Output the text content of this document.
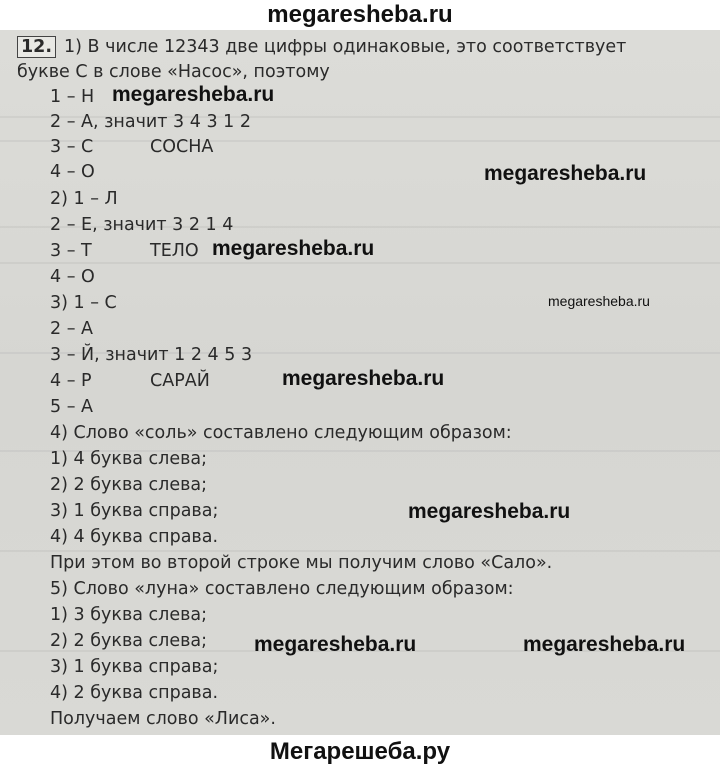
megaresheba.ru
12. 1) В числе 12343 две цифры одинаковые, это соответствует
букве С в слове «Насос», поэтому
1 – Н
2 – А, значит 3 4 3 1 2
3 – С	СОСНА
4 – О
2) 1 – Л
2 – Е, значит 3 2 1 4
3 – Т	ТЕЛО
4 – О
3) 1 – С
2 – А
3 – Й, значит 1 2 4 5 3
4 – Р	САРАЙ
5 – А
4) Слово «соль» составлено следующим образом:
1) 4 буква слева;
2) 2 буква слева;
3) 1 буква справа;
4) 4 буква справа.
При этом во второй строке мы получим слово «Сало».
5) Слово «луна» составлено следующим образом:
1) 3 буква слева;
2) 2 буква слева;
3) 1 буква справа;
4) 2 буква справа.
Получаем слово «Лиса».
megaresheba.ru
megaresheba.ru
megaresheba.ru
megaresheba.ru
megaresheba.ru
megaresheba.ru
megaresheba.ru	megaresheba.ru
Мегарешеба.ру
